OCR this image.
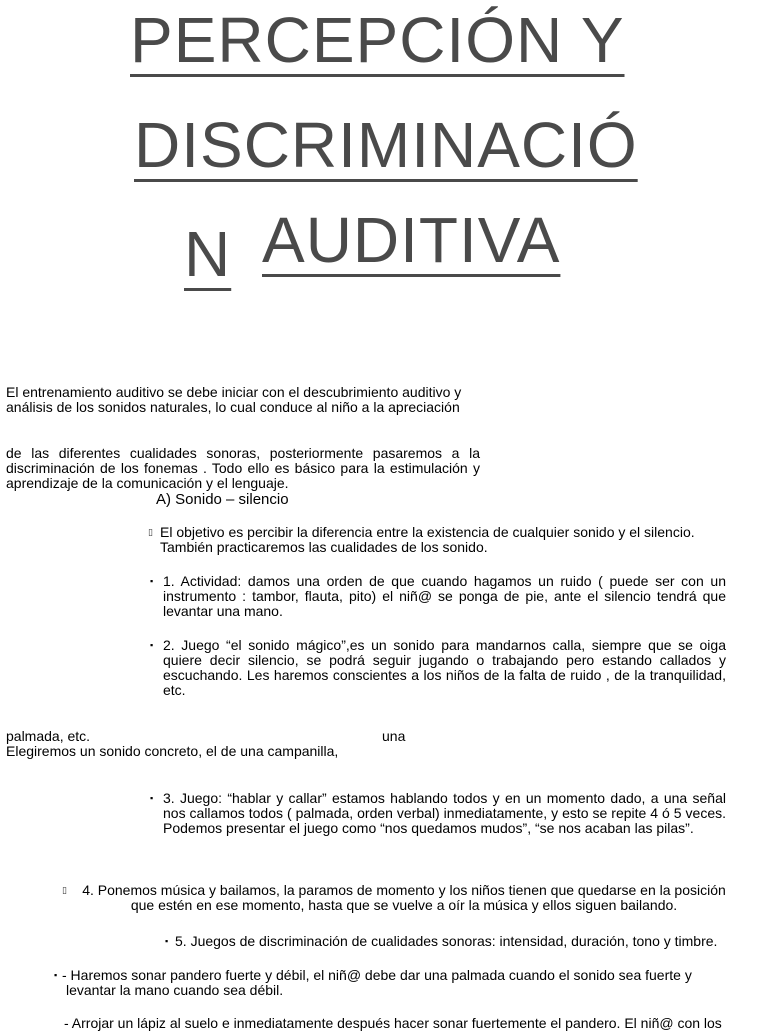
PERCEPCIÓN Y
DISCRIMINACIÓ
N AUDITIVA
El entrenamiento auditivo se debe iniciar con el descubrimiento auditivo y
análisis de los sonidos naturales, lo cual conduce al niño a la apreciación
de las diferentes cualidades sonoras, posteriormente pasaremos a la discriminación de los fonemas . Todo ello es básico para la estimulación y aprendizaje de la comunicación y el lenguaje.
A) Sonido – silencio
▯ El objetivo es percibir la diferencia entre la existencia de cualquier sonido y el silencio. También practicaremos las cualidades de los sonido.
▪ 1. Actividad: damos una orden de que cuando hagamos un ruido ( puede ser con un instrumento : tambor, flauta, pito) el niñ@ se ponga de pie, ante el silencio tendrá que levantar una mano.
▪ 2. Juego “el sonido mágico”,es un sonido para mandarnos calla, siempre que se oiga quiere decir silencio, se podrá seguir jugando o trabajando pero estando callados y escuchando. Les haremos conscientes a los niños de la falta de ruido , de la tranquilidad, etc.
palmada, etc.	una
Elegiremos un sonido concreto, el de una campanilla,
▪ 3. Juego: “hablar y callar” estamos hablando todos y en un momento dado, a una señal nos callamos todos ( palmada, orden verbal) inmediatamente, y esto se repite 4 ó 5 veces. Podemos presentar el juego como “nos quedamos mudos”, “se nos acaban las pilas”.
▯	4. Ponemos música y bailamos, la paramos de momento y los niños tienen que quedarse en la posición que estén en ese momento, hasta que se vuelve a oír la música y ellos siguen bailando.
▪ 5. Juegos de discriminación de cualidades sonoras: intensidad, duración, tono y timbre.
▪ - Haremos sonar pandero fuerte y débil, el niñ@ debe dar una palmada cuando el sonido sea fuerte y levantar la mano cuando sea débil.
- Arrojar un lápiz al suelo e inmediatamente después hacer sonar fuertemente el pandero. El niñ@ con los
